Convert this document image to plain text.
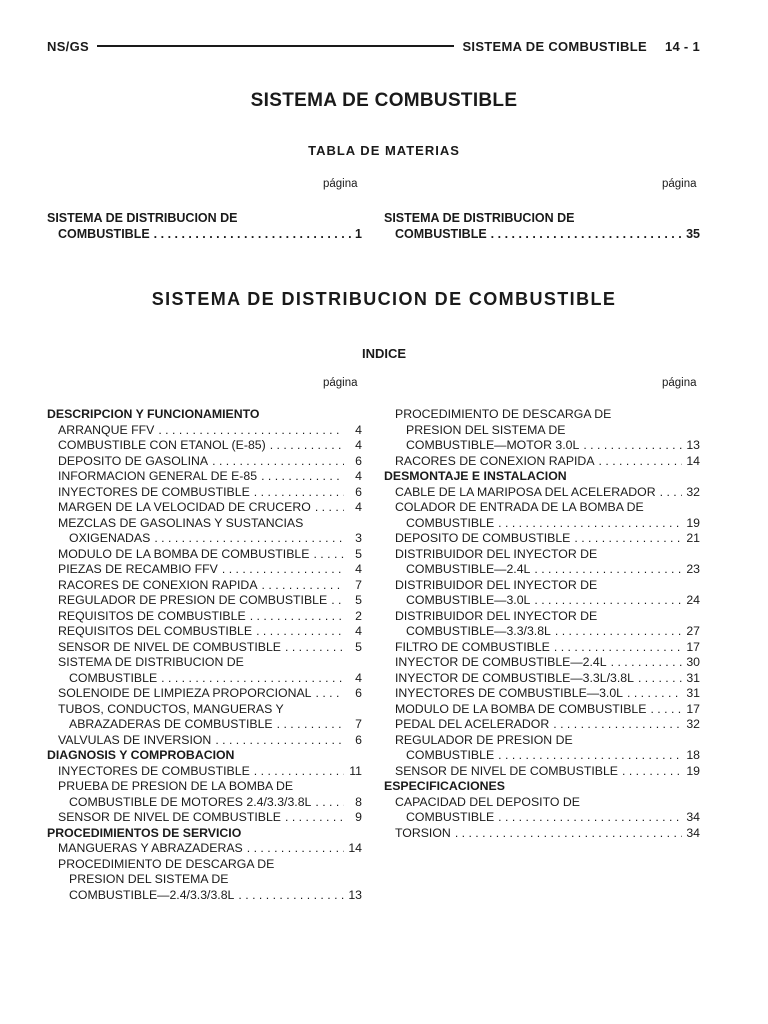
NS/GS	SISTEMA DE COMBUSTIBLE 14 - 1
SISTEMA DE COMBUSTIBLE
TABLA DE MATERIAS
página	página
SISTEMA DE DISTRIBUCION DE
COMBUSTIBLE . . .	1
SISTEMA DE DISTRIBUCION DE
COMBUSTIBLE . . .	35
SISTEMA DE DISTRIBUCION DE COMBUSTIBLE
INDICE
página	página
DESCRIPCION Y FUNCIONAMIENTO
ARRANQUE FFV . . .	4
COMBUSTIBLE CON ETANOL (E-85) . . .	4
DEPOSITO DE GASOLINA . . .	6
INFORMACION GENERAL DE E-85 . . .	4
INYECTORES DE COMBUSTIBLE . . .	6
MARGEN DE LA VELOCIDAD DE CRUCERO . . .	4
MEZCLAS DE GASOLINAS Y SUSTANCIAS
OXIGENADAS . . .	3
MODULO DE LA BOMBA DE COMBUSTIBLE . . .	5
PIEZAS DE RECAMBIO FFV . . .	4
RACORES DE CONEXION RAPIDA . . .	7
REGULADOR DE PRESION DE COMBUSTIBLE . . .	5
REQUISITOS DE COMBUSTIBLE . . .	2
REQUISITOS DEL COMBUSTIBLE . . .	4
SENSOR DE NIVEL DE COMBUSTIBLE . . .	5
SISTEMA DE DISTRIBUCION DE
COMBUSTIBLE . . .	4
SOLENOIDE DE LIMPIEZA PROPORCIONAL . . .	6
TUBOS, CONDUCTOS, MANGUERAS Y
ABRAZADERAS DE COMBUSTIBLE . . .	7
VALVULAS DE INVERSION . . .	6
DIAGNOSIS Y COMPROBACION
INYECTORES DE COMBUSTIBLE . . .	11
PRUEBA DE PRESION DE LA BOMBA DE
COMBUSTIBLE DE MOTORES 2.4/3.3/3.8L . . .	8
SENSOR DE NIVEL DE COMBUSTIBLE . . .	9
PROCEDIMIENTOS DE SERVICIO
MANGUERAS Y ABRAZADERAS . . .	14
PROCEDIMIENTO DE DESCARGA DE
PRESION DEL SISTEMA DE
COMBUSTIBLE—2.4/3.3/3.8L . . .	13
PROCEDIMIENTO DE DESCARGA DE
PRESION DEL SISTEMA DE
COMBUSTIBLE—MOTOR 3.0L . . .	13
RACORES DE CONEXION RAPIDA . . .	14
DESMONTAJE E INSTALACION
CABLE DE LA MARIPOSA DEL ACELERADOR . . . 32
COLADOR DE ENTRADA DE LA BOMBA DE
COMBUSTIBLE . . .	19
DEPOSITO DE COMBUSTIBLE . . .	21
DISTRIBUIDOR DEL INYECTOR DE
COMBUSTIBLE—2.4L . . .	23
DISTRIBUIDOR DEL INYECTOR DE
COMBUSTIBLE—3.0L . . .	24
DISTRIBUIDOR DEL INYECTOR DE
COMBUSTIBLE—3.3/3.8L . . .	27
FILTRO DE COMBUSTIBLE . . .	17
INYECTOR DE COMBUSTIBLE—2.4L . . .	30
INYECTOR DE COMBUSTIBLE—3.3L/3.8L . . .	31
INYECTORES DE COMBUSTIBLE—3.0L . . .	31
MODULO DE LA BOMBA DE COMBUSTIBLE . . .	17
PEDAL DEL ACELERADOR . . .	32
REGULADOR DE PRESION DE
COMBUSTIBLE . . .	18
SENSOR DE NIVEL DE COMBUSTIBLE . . .	19
ESPECIFICACIONES
CAPACIDAD DEL DEPOSITO DE
COMBUSTIBLE . . .	34
TORSION . . .	34
